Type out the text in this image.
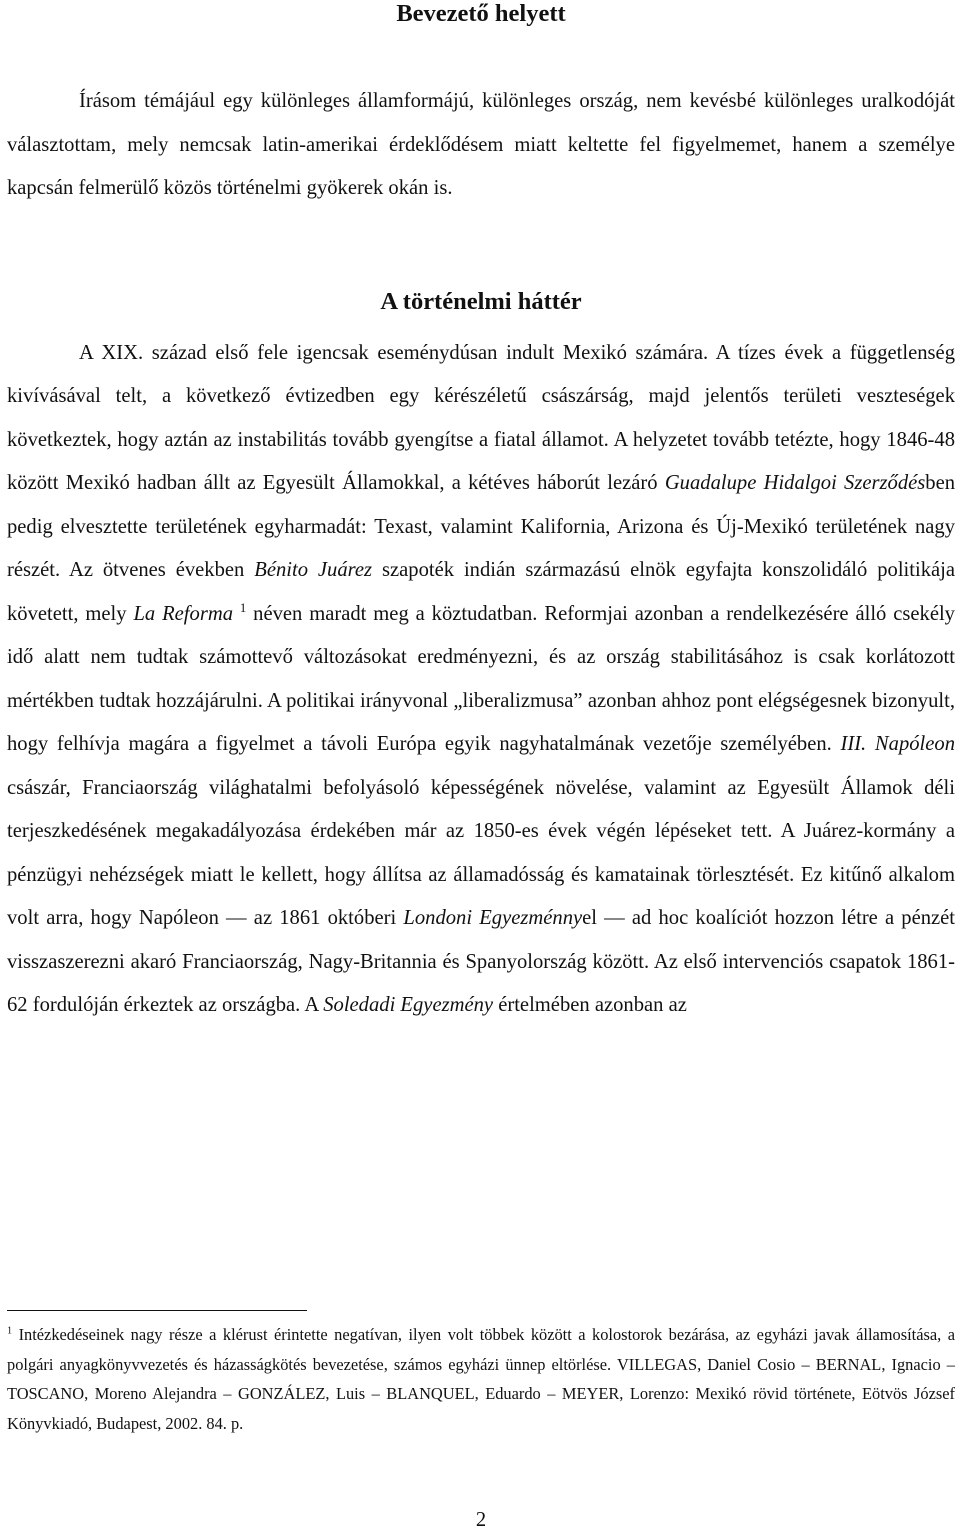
Bevezető helyett

Írásom témájául egy különleges államformájú, különleges ország, nem kevésbé különleges uralkodóját választottam, mely nemcsak latin-amerikai érdeklődésem miatt keltette fel figyelmemet, hanem a személye kapcsán felmerülő közös történelmi gyökerek okán is.

A történelmi háttér

A XIX. század első fele igencsak eseménydúsan indult Mexikó számára. A tízes évek a függetlenség kivívásával telt, a következő évtizedben egy kérészéletű császárság, majd jelentős területi veszteségek következtek, hogy aztán az instabilitás tovább gyengítse a fiatal államot. A helyzetet tovább tetézte, hogy 1846-48 között Mexikó hadban állt az Egyesült Államokkal, a kétéves háborút lezáró Guadalupe Hidalgoi Szerződésben pedig elvesztette területének egyharmadát: Texast, valamint Kalifornia, Arizona és Új-Mexikó területének nagy részét. Az ötvenes években Bénito Juárez szapoték indián származású elnök egyfajta konszolidáló politikája követett, mely La Reforma $^1$ néven maradt meg a köztudatban. Reformjai azonban a rendelkezésére álló csekély idő alatt nem tudtak számottevő változásokat eredményezni, és az ország stabilitásához is csak korlátozott mértékben tudtak hozzájárulni. A politikai irányvonal „liberalizmusa” azonban ahhoz pont elégségesnek bizonyult, hogy felhívja magára a figyelmet a távoli Európa egyik nagyhatalmának vezetője személyében. III. Napóleon császár, Franciaország világhatalmi befolyásoló képességének növelése, valamint az Egyesült Államok déli terjeszkedésének megakadályozása érdekében már az 1850-es évek végén lépéseket tett. A Juárez-kormány a pénzügyi nehézségek miatt le kellett, hogy állítsa az államadósság és kamatainak törlesztését. Ez kitűnő alkalom volt arra, hogy Napóleon — az 1861 októberi Londoni Egyezménnyel — ad hoc koalíciót hozzon létre a pénzét visszaszerezni akaró Franciaország, Nagy-Britannia és Spanyolország között. Az első intervenciós csapatok 1861-62 fordulóján érkeztek az országba. A Soledadi Egyezmény értelmében azonban az

$^1$ Intézkedéseinek nagy része a klérust érintette negatívan, ilyen volt többek között a kolostorok bezárása, az egyházi javak államosítása, a polgári anyagkönyvvezetés és házasságkötés bevezetése, számos egyházi ünnep eltörlése. VILLEGAS, Daniel Cosio – BERNAL, Ignacio – TOSCANO, Moreno Alejandra – GONZÁLEZ, Luis – BLANQUEL, Eduardo – MEYER, Lorenzo: Mexikó rövid története, Eötvös József Könyvkiadó, Budapest, 2002. 84. p.

2
